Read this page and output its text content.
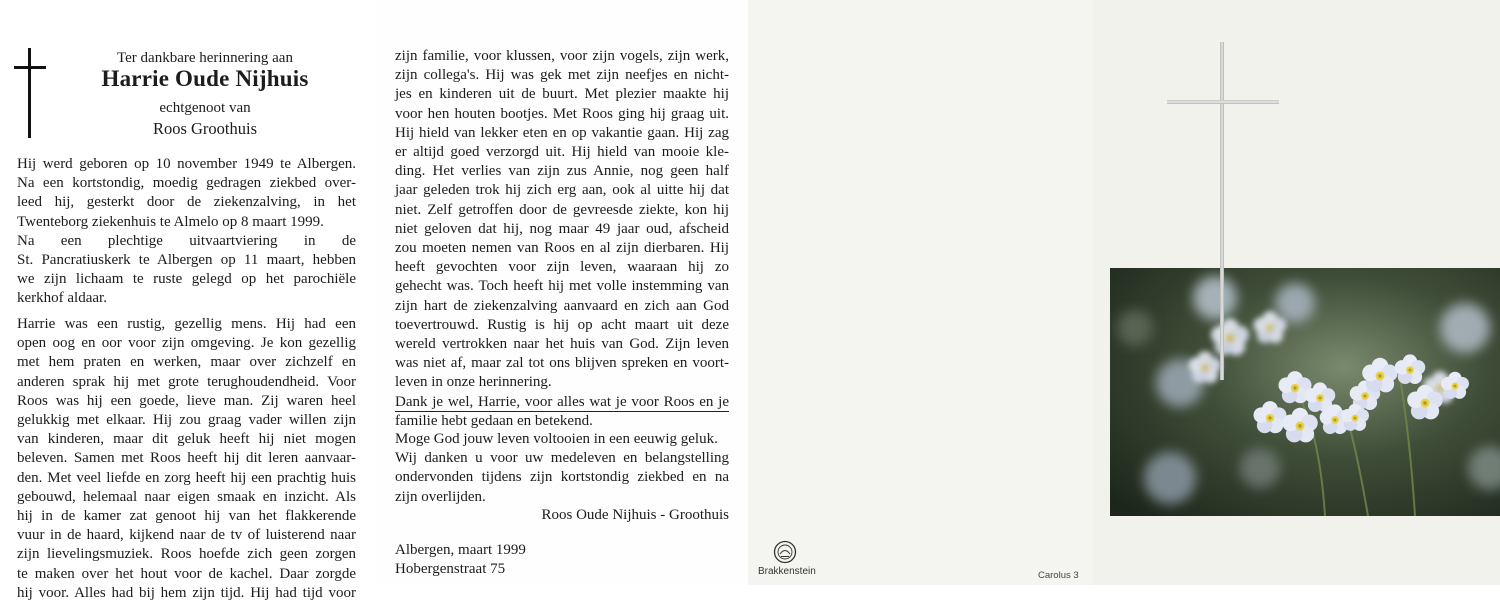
Ter dankbare herinnering aan
Harrie Oude Nijhuis
echtgenoot van
Roos Groothuis
Hij werd geboren op 10 november 1949 te Albergen.
Na een kortstondig, moedig gedragen ziekbed over-
leed hij, gesterkt door de ziekenzalving, in het
Twenteborg ziekenhuis te Almelo op 8 maart 1999.
Na een plechtige uitvaartviering in de
St. Pancratiuskerk te Albergen op 11 maart, hebben
we zijn lichaam te ruste gelegd op het parochiële
kerkhof aldaar.
Harrie was een rustig, gezellig mens. Hij had een
open oog en oor voor zijn omgeving. Je kon gezellig
met hem praten en werken, maar over zichzelf en
anderen sprak hij met grote terughoudendheid. Voor
Roos was hij een goede, lieve man. Zij waren heel
gelukkig met elkaar. Hij zou graag vader willen zijn
van kinderen, maar dit geluk heeft hij niet mogen
beleven. Samen met Roos heeft hij dit leren aanvaar-
den. Met veel liefde en zorg heeft hij een prachtig huis
gebouwd, helemaal naar eigen smaak en inzicht. Als
hij in de kamer zat genoot hij van het flakkerende
vuur in de haard, kijkend naar de tv of luisterend naar
zijn lievelingsmuziek. Roos hoefde zich geen zorgen
te maken over het hout voor de kachel. Daar zorgde
hij voor. Alles had bij hem zijn tijd. Hij had tijd voor
zijn familie, voor klussen, voor zijn vogels, zijn werk,
zijn collega's. Hij was gek met zijn neefjes en nicht-
jes en kinderen uit de buurt. Met plezier maakte hij
voor hen houten bootjes. Met Roos ging hij graag uit.
Hij hield van lekker eten en op vakantie gaan. Hij zag
er altijd goed verzorgd uit. Hij hield van mooie kle-
ding. Het verlies van zijn zus Annie, nog geen half
jaar geleden trok hij zich erg aan, ook al uitte hij dat
niet. Zelf getroffen door de gevreesde ziekte, kon hij
niet geloven dat hij, nog maar 49 jaar oud, afscheid
zou moeten nemen van Roos en al zijn dierbaren. Hij
heeft gevochten voor zijn leven, waaraan hij zo
gehecht was. Toch heeft hij met volle instemming van
zijn hart de ziekenzalving aanvaard en zich aan God
toevertrouwd. Rustig is hij op acht maart uit deze
wereld vertrokken naar het huis van God. Zijn leven
was niet af, maar zal tot ons blijven spreken en voort-
leven in onze herinnering.
Dank je wel, Harrie, voor alles wat je voor Roos en je
familie hebt gedaan en betekend.
Moge God jouw leven voltooien in een eeuwig geluk.
Wij danken u voor uw medeleven en belangstelling
ondervonden tijdens zijn kortstondig ziekbed en na
zijn overlijden.
Roos Oude Nijhuis - Groothuis
Albergen, maart 1999
Hobergenstraat 75	Brakkenstein	Carolus 3
